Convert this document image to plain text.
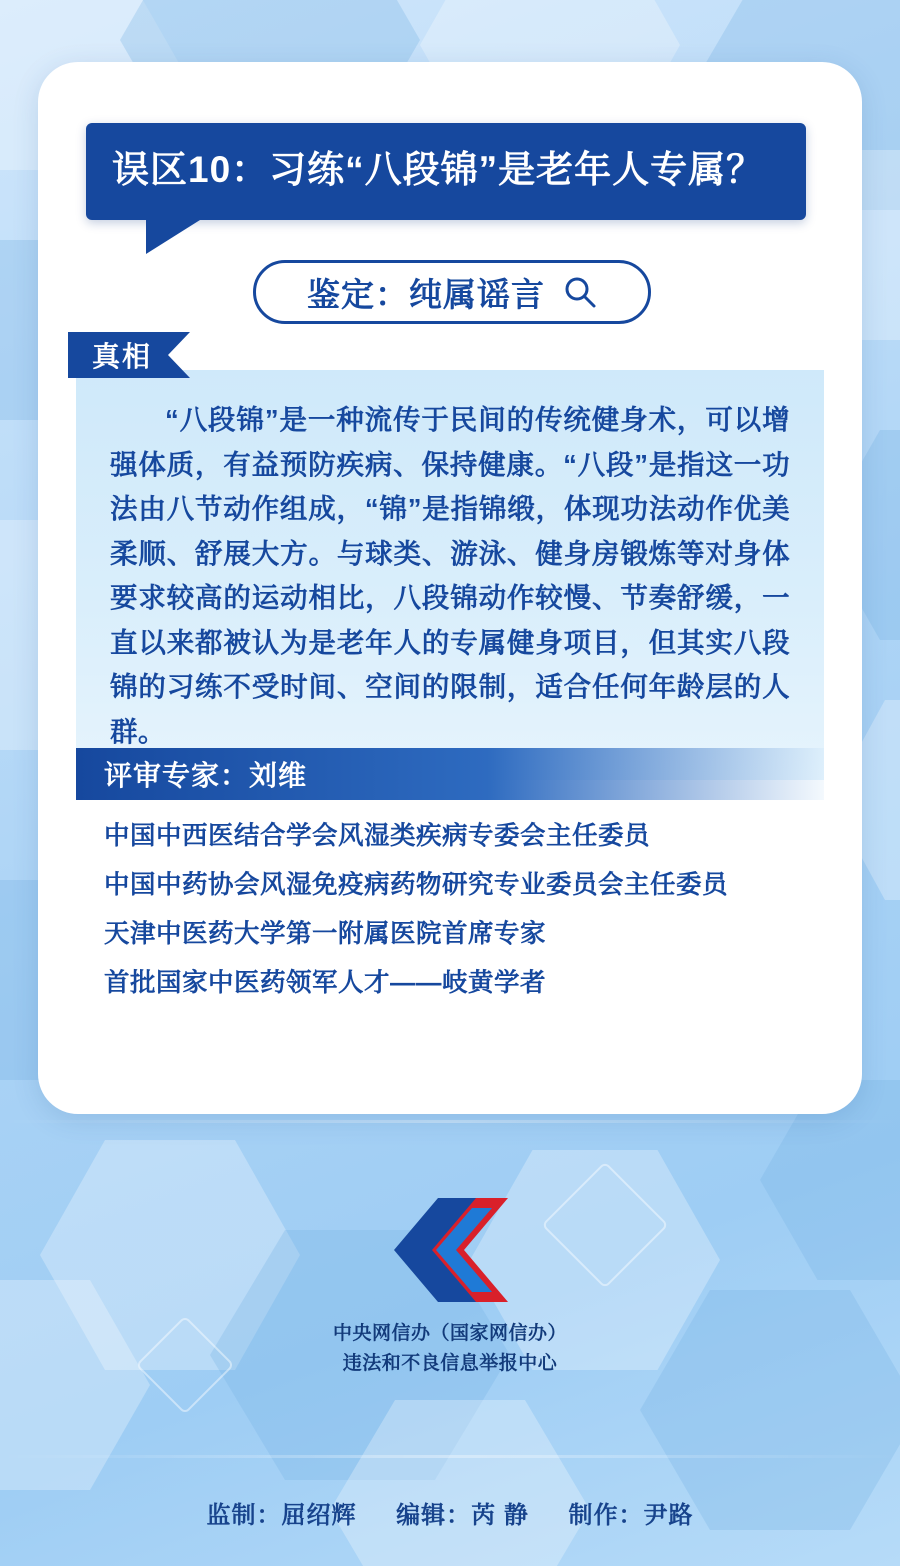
误区10：习练“八段锦”是老年人专属？
鉴定：纯属谣言
真相

“八段锦”是一种流传于民间的传统健身术，可以增强体质，有益预防疾病、保持健康。“八段”是指这一功法由八节动作组成，“锦”是指锦缎，体现功法动作优美柔顺、舒展大方。与球类、游泳、健身房锻炼等对身体要求较高的运动相比，八段锦动作较慢、节奏舒缓，一直以来都被认为是老年人的专属健身项目，但其实八段锦的习练不受时间、空间的限制，适合任何年龄层的人群。

评审专家：刘维
中国中西医结合学会风湿类疾病专委会主任委员
中国中药协会风湿免疫病药物研究专业委员会主任委员
天津中医药大学第一附属医院首席专家
首批国家中医药领军人才——岐黄学者
中央网信办（国家网信办）
违法和不良信息举报中心
监制：屈绍辉 编辑：芮 静 制作：尹路
